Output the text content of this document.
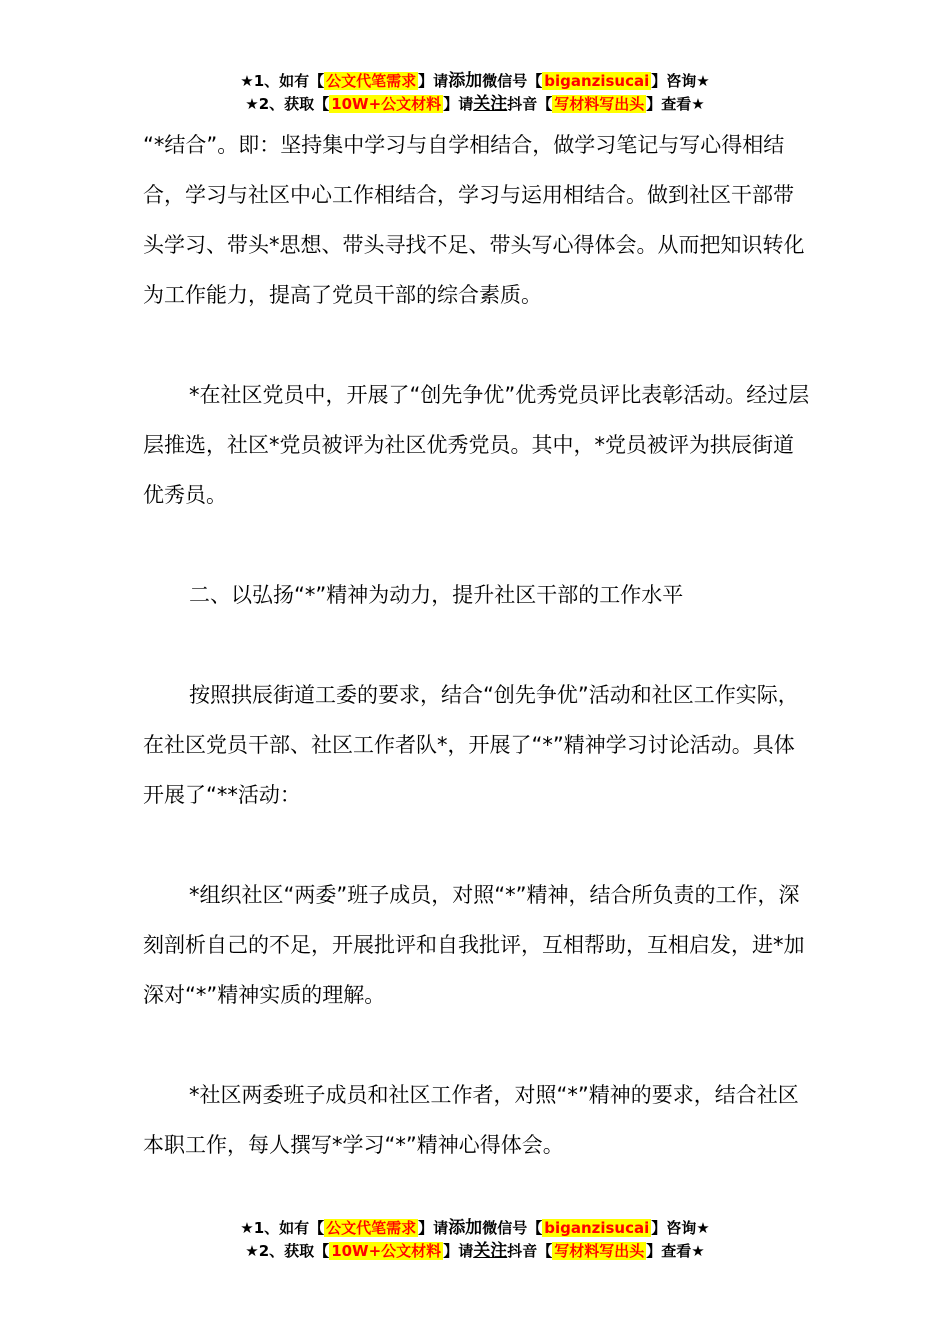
★1、如有【 公文代笔需求 】请添加微信号【 biganzisucai 】咨询★
★2、获取【 10W+公文材料 】请关注抖音【 写材料写出头 】查看★

“*结合”。即：坚持集中学习与自学相结合，做学习笔记与写心得相结合，学习与社区中心工作相结合，学习与运用相结合。做到社区干部带头学习、带头*思想、带头寻找不足、带头写心得体会。从而把知识转化为工作能力，提高了党员干部的综合素质。

*在社区党员中，开展了“创先争优”优秀党员评比表彰活动。经过层层推选，社区*党员被评为社区优秀党员。其中，*党员被评为拱辰街道优秀员。

二、以弘扬“*”精神为动力，提升社区干部的工作水平

按照拱辰街道工委的要求，结合“创先争优”活动和社区工作实际，在社区党员干部、社区工作者队*，开展了“*”精神学习讨论活动。具体开展了“**活动：

*组织社区“两委”班子成员，对照“*”精神，结合所负责的工作，深刻剖析自己的不足，开展批评和自我批评，互相帮助，互相启发，进*加深对“*”精神实质的理解。

*社区两委班子成员和社区工作者，对照“*”精神的要求，结合社区本职工作，每人撰写*学习“*”精神心得体会。

★1、如有【 公文代笔需求 】请添加微信号【 biganzisucai 】咨询★
★2、获取【 10W+公文材料 】请关注抖音【 写材料写出头 】查看★
